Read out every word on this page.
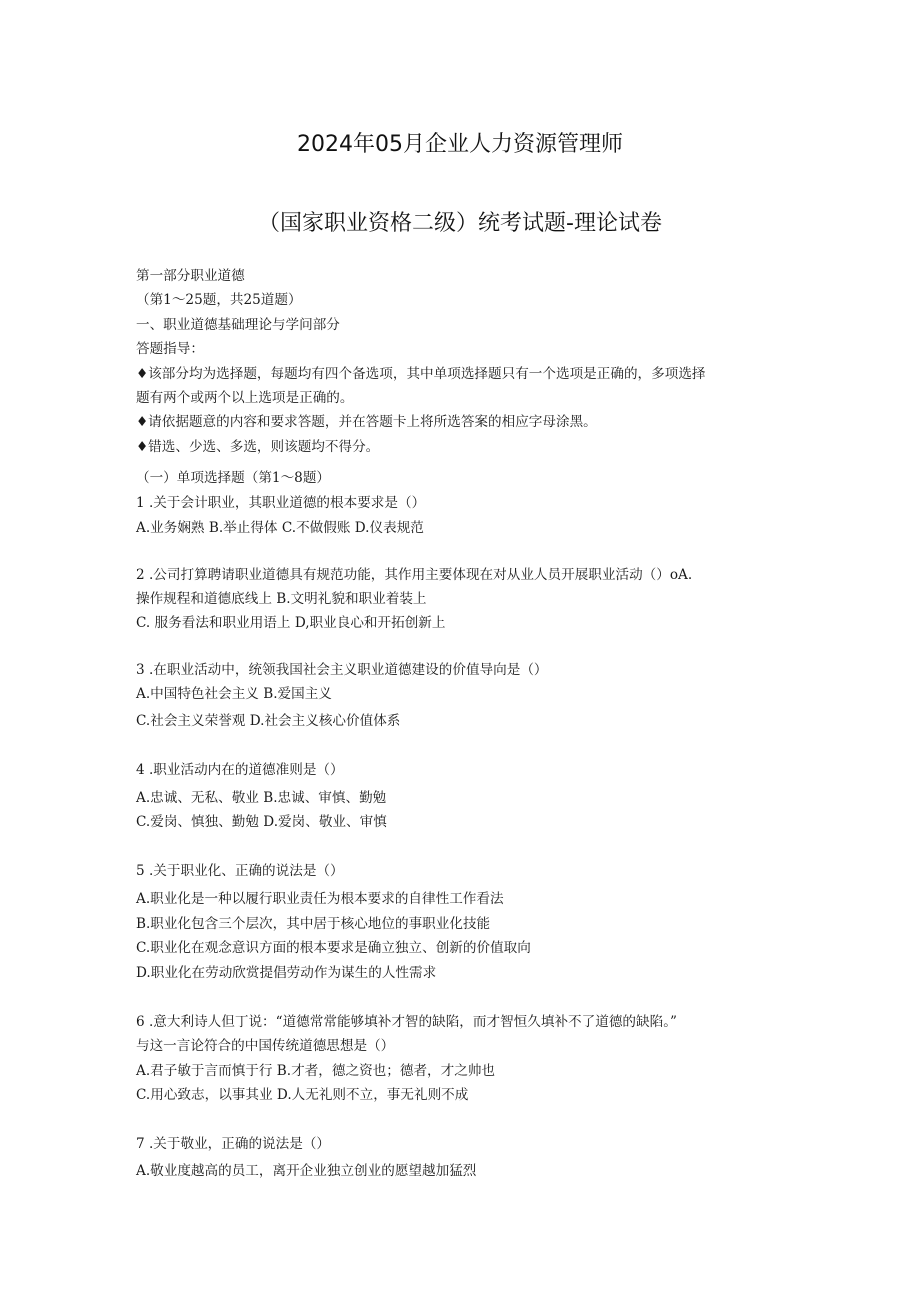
2024年05月企业人力资源管理师
（国家职业资格二级）统考试题-理论试卷
第一部分职业道德
（第1～25题，共25道题）
一、职业道德基础理论与学问部分
答题指导：
♦该部分均为选择题，每题均有四个备选项，其中单项选择题只有一个选项是正确的，多项选择
题有两个或两个以上选项是正确的。
♦请依据题意的内容和要求答题，并在答题卡上将所选答案的相应字母涂黑。
♦错选、少选、多选，则该题均不得分。
（一）单项选择题（第1～8题）
1 .关于会计职业，其职业道德的根本要求是（）
A.业务娴熟 B.举止得体 C.不做假账 D.仪表规范
2 .公司打算聘请职业道德具有规范功能，其作用主要体现在对从业人员开展职业活动（）oA.
操作规程和道德底线上 B.文明礼貌和职业着装上
C. 服务看法和职业用语上 D,职业良心和开拓创新上
3 .在职业活动中，统领我国社会主义职业道德建设的价值导向是（）
A.中国特色社会主义 B.爱国主义
C.社会主义荣誉观 D.社会主义核心价值体系
4 .职业活动内在的道德准则是（）
A.忠诚、无私、敬业 B.忠诚、审慎、勤勉
C.爱岗、慎独、勤勉 D.爱岗、敬业、审慎
5 .关于职业化、正确的说法是（）
A.职业化是一种以履行职业责任为根本要求的自律性工作看法
B.职业化包含三个层次，其中居于核心地位的事职业化技能
C.职业化在观念意识方面的根本要求是确立独立、创新的价值取向
D.职业化在劳动欣赏提倡劳动作为谋生的人性需求
6 .意大利诗人但丁说：“道德常常能够填补才智的缺陷，而才智恒久填补不了道德的缺陷。”
与这一言论符合的中国传统道德思想是（）
A.君子敏于言而慎于行 B.才者，德之资也；德者，才之帅也
C.用心致志，以事其业 D.人无礼则不立，事无礼则不成
7 .关于敬业，正确的说法是（）
A.敬业度越高的员工，离开企业独立创业的愿望越加猛烈
